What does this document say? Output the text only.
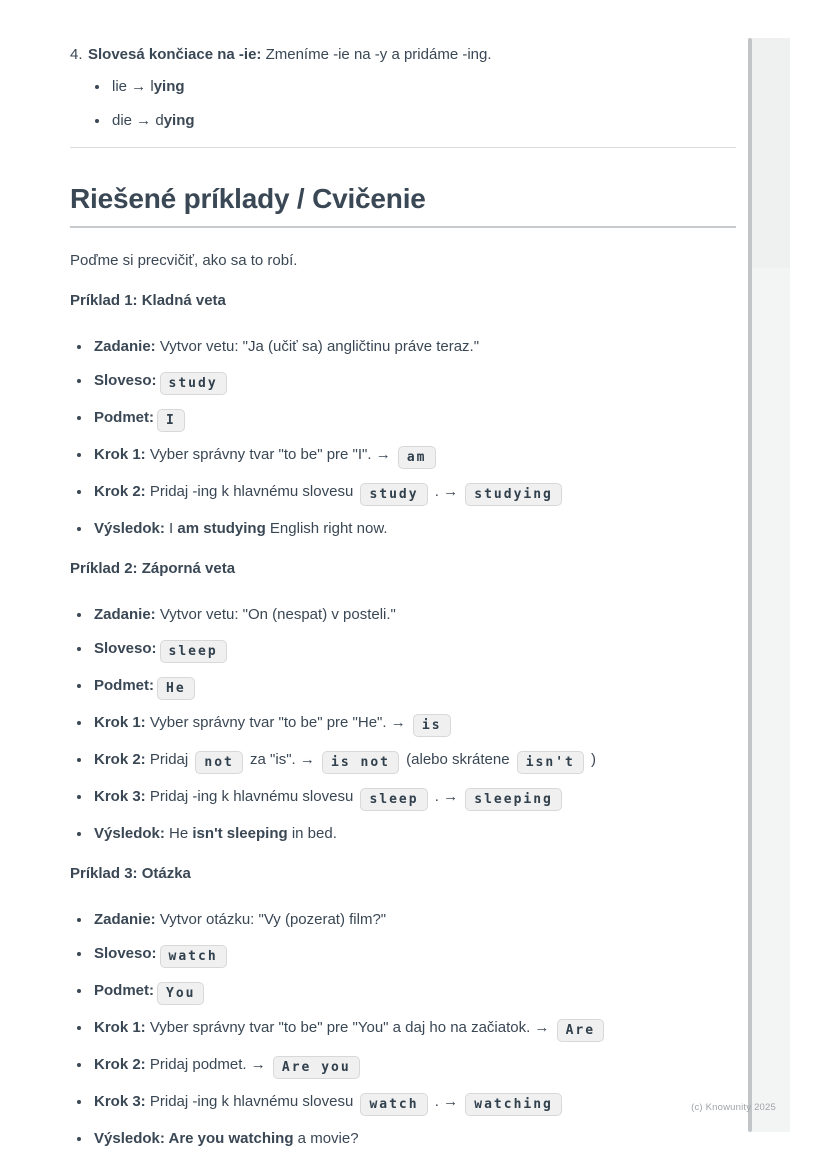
4. Slovesá končiace na -ie: Zmeníme -ie na -y a pridáme -ing.

• lie → lying
• die → dying
Riešené príklady / Cvičenie

Poďme si precvičiť, ako sa to robí.

Príklad 1: Kladná veta

• Zadanie: Vytvor vetu: "Ja (učiť sa) angličtinu práve teraz."
• Sloveso: study
• Podmet: I
• Krok 1: Vyber správny tvar "to be" pre "I". → am
• Krok 2: Pridaj -ing k hlavnému slovesu study . → studying
• Výsledok: I am studying English right now.

Príklad 2: Záporná veta

• Zadanie: Vytvor vetu: "On (nespat) v posteli."
• Sloveso: sleep
• Podmet: He
• Krok 1: Vyber správny tvar "to be" pre "He". → is
• Krok 2: Pridaj not za "is". → is not (alebo skrátene isn't )
• Krok 3: Pridaj -ing k hlavnému slovesu sleep . → sleeping
• Výsledok: He isn't sleeping in bed.

Príklad 3: Otázka

• Zadanie: Vytvor otázku: "Vy (pozerat) film?"
• Sloveso: watch
• Podmet: You
• Krok 1: Vyber správny tvar "to be" pre "You" a daj ho na začiatok. → Are
• Krok 2: Pridaj podmet. → Are you
• Krok 3: Pridaj -ing k hlavnému slovesu watch . → watching
• Výsledok: Are you watching a movie?
(c) Knowunity 2025
